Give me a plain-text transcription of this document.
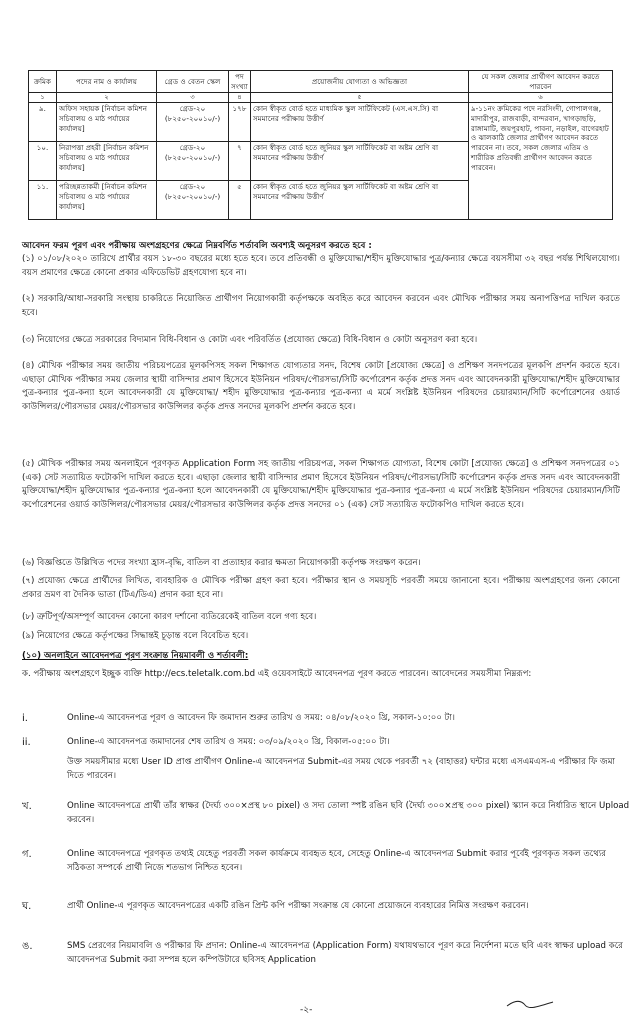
ক্রমিক	পদের নাম ও কার্যালয়	গ্রেড ও বেতন স্কেল	পদ সংখ্যা	প্রয়োজনীয় যোগ্যতা ও অভিজ্ঞতা	যে সকল জেলার প্রার্থীগণ আবেদন করতে পারবেন
১	২	৩	৪	৫	৬
৯.	অফিস সহায়ক [নির্বাচন কমিশন সচিবালয় ও মাঠ পর্যায়ের কার্যালয়]	গ্রেড-২০ (৮২৫০-২০০১০/-)	১৭৮	কোন স্বীকৃত বোর্ড হতে মাধ্যমিক স্কুল সার্টিফিকেট (এস.এস.সি) বা সমমানের পরীক্ষায় উত্তীর্ণ	৯-১১নং ক্রমিকের পদে নরসিংদী, গোপালগঞ্জ, মাদারীপুর, রাজবাড়ী, বান্দরবান, খাগড়াছড়ি, রাঙ্গামাটি, জয়পুরহাট, পাবনা, নড়াইল, বাগেরহাট ও ঝালকাঠি জেলার প্রার্থীগণ আবেদন করতে পারবেন না। তবে, সকল জেলার এতিম ও শারীরিক প্রতিবন্ধী প্রার্থীগণ আবেদন করতে পারবেন।
১০.	নিরাপত্তা প্রহরী [নির্বাচন কমিশন সচিবালয় ও মাঠ পর্যায়ের কার্যালয়]	গ্রেড-২০ (৮২৫০-২০০১০/-)	৭	কোন স্বীকৃত বোর্ড হতে জুনিয়র স্কুল সার্টিফিকেট বা অষ্টম শ্রেণি বা সমমানের পরীক্ষায় উত্তীর্ণ	
১১.	পরিচ্ছন্নতাকর্মী [নির্বাচন কমিশন সচিবালয় ও মাঠ পর্যায়ের কার্যালয়]	গ্রেড-২০ (৮২৫০-২০০১০/-)	৫	কোন স্বীকৃত বোর্ড হতে জুনিয়র স্কুল সার্টিফিকেট বা অষ্টম শ্রেণি বা সমমানের পরীক্ষায় উত্তীর্ণ	
আবেদন ফরম পূরণ এবং পরীক্ষায় অংশগ্রহণের ক্ষেত্রে নিম্নবর্ণিত শর্তাবলি অবশ্যই অনুসরণ করতে হবে :
(১) ০১/০৮/২০২০ তারিখে প্রার্থীর বয়স ১৮-৩০ বছরের মধ্যে হতে হবে। তবে প্রতিবন্ধী ও মুক্তিযোদ্ধা/শহীদ মুক্তিযোদ্ধার পুত্র/কন্যার ক্ষেত্রে বয়সসীমা ৩২ বছর পর্যন্ত শিথিলযোগ্য। বয়স প্রমাণের ক্ষেত্রে কোনো প্রকার এফিডেভিট গ্রহণযোগ্য হবে না।
(২) সরকারি/আধা-সরকারি সংস্থায় চাকরিতে নিয়োজিত প্রার্থীগণ নিয়োগকারী কর্তৃপক্ষকে অবহিত করে আবেদন করবেন এবং মৌখিক পরীক্ষার সময় অনাপত্তিপত্র দাখিল করতে হবে।
(৩) নিয়োগের ক্ষেত্রে সরকারের বিদ্যমান বিধি-বিধান ও কোটা এবং পরিবর্তিত (প্রযোজ্য ক্ষেত্রে) বিধি-বিধান ও কোটা অনুসরণ করা হবে।
(৪) মৌখিক পরীক্ষার সময় জাতীয় পরিচয়পত্রের মূলকপিসহ সকল শিক্ষাগত যোগ্যতার সনদ, বিশেষ কোটা [প্রযোজ্য ক্ষেত্রে] ও প্রশিক্ষণ সনদপত্রের মূলকপি প্রদর্শন করতে হবে। এছাড়া মৌখিক পরীক্ষার সময় জেলার স্থায়ী বাসিন্দার প্রমাণ হিসেবে ইউনিয়ন পরিষদ/পৌরসভা/সিটি কর্পোরেশন কর্তৃক প্রদত্ত সনদ এবং আবেদনকারী মুক্তিযোদ্ধা/শহীদ মুক্তিযোদ্ধার পুত্র-কন্যার পুত্র-কন্যা হলে আবেদনকারী যে মুক্তিযোদ্ধা/ শহীদ মুক্তিযোদ্ধার পুত্র-কন্যার পুত্র-কন্যা এ মর্মে সংশ্লিষ্ট ইউনিয়ন পরিষদের চেয়ারম্যান/সিটি কর্পোরেশনের ওয়ার্ড কাউন্সিলর/পৌরসভার মেয়র/পৌরসভার কাউন্সিলর কর্তৃক প্রদত্ত সনদের মূলকপি প্রদর্শন করতে হবে।
(৫) মৌখিক পরীক্ষার সময় অনলাইনে পূরণকৃত Application Form সহ জাতীয় পরিচয়পত্র, সকল শিক্ষাগত যোগ্যতা, বিশেষ কোটা [প্রযোজ্য ক্ষেত্রে] ও প্রশিক্ষণ সনদপত্রের ০১ (এক) সেট সত্যায়িত ফটোকপি দাখিল করতে হবে। এছাড়া জেলার স্থায়ী বাসিন্দার প্রমাণ হিসেবে ইউনিয়ন পরিষদ/পৌরসভা/সিটি কর্পোরেশন কর্তৃক প্রদত্ত সনদ এবং আবেদনকারী মুক্তিযোদ্ধা/শহীদ মুক্তিযোদ্ধার পুত্র-কন্যার পুত্র-কন্যা হলে আবেদনকারী যে মুক্তিযোদ্ধা/শহীদ মুক্তিযোদ্ধার পুত্র-কন্যার পুত্র-কন্যা এ মর্মে সংশ্লিষ্ট ইউনিয়ন পরিষদের চেয়ারম্যান/সিটি কর্পোরেশনের ওয়ার্ড কাউন্সিলর/পৌরসভার মেয়র/পৌরসভার কাউন্সিলর কর্তৃক প্রদত্ত সনদের ০১ (এক) সেট সত্যায়িত ফটোকপিও দাখিল করতে হবে।
(৬) বিজ্ঞপ্তিতে উল্লিখিত পদের সংখ্যা হ্রাস-বৃদ্ধি, বাতিল বা প্রত্যাহার করার ক্ষমতা নিয়োগকারী কর্তৃপক্ষ সংরক্ষণ করেন।
(৭) প্রযোজ্য ক্ষেত্রে প্রার্থীদের লিখিত, ব্যবহারিক ও মৌখিক পরীক্ষা গ্রহণ করা হবে। পরীক্ষার স্থান ও সময়সূচি পরবর্তী সময়ে জানানো হবে। পরীক্ষায় অংশগ্রহণের জন্য কোনো প্রকার ভ্রমণ বা দৈনিক ভাতা (টিএ/ডিএ) প্রদান করা হবে না।
(৮) ত্রুটিপূর্ণ/অসম্পূর্ণ আবেদন কোনো কারণ দর্শানো ব্যতিরেকেই বাতিল বলে গণ্য হবে।
(৯) নিয়োগের ক্ষেত্রে কর্তৃপক্ষের সিদ্ধান্তই চূড়ান্ত বলে বিবেচিত হবে।
(১০) অনলাইনে আবেদনপত্র পূরণ সংক্রান্ত নিয়মাবলী ও শর্তাবলী:
ক. পরীক্ষায় অংশগ্রহণে ইচ্ছুক ব্যক্তি http://ecs.teletalk.com.bd এই ওয়েবসাইটে আবেদনপত্র পূরণ করতে পারবেন। আবেদনের সময়সীমা নিম্নরূপ:
i.	Online-এ আবেদনপত্র পূরণ ও আবেদন ফি জমাদান শুরুর তারিখ ও সময়: ০৪/০৮/২০২০ খ্রি, সকাল-১০:০০ টা।
ii.	Online-এ আবেদনপত্র জমাদানের শেষ তারিখ ও সময়: ০৩/০৯/২০২০ খ্রি, বিকাল-০৫:০০ টা।
উক্ত সময়সীমার মধ্যে User ID প্রাপ্ত প্রার্থীগণ Online-এ আবেদনপত্র Submit-এর সময় থেকে পরবর্তী ৭২ (বাহাত্তর) ঘন্টার মধ্যে এসএমএস-এ পরীক্ষার ফি জমা দিতে পারবেন।
খ.	Online আবেদনপত্রে প্রার্থী তাঁর স্বাক্ষর (দৈর্ঘ্য ৩০০×প্রস্থ ৮০ pixel) ও সদ্য তোলা স্পষ্ট রঙিন ছবি (দৈর্ঘ্য ৩০০×প্রস্থ ৩০০ pixel) স্ক্যান করে নির্ধারিত স্থানে Upload করবেন।
গ.	Online আবেদনপত্রে পূরণকৃত তথ্যই যেহেতু পরবর্তী সকল কার্যক্রমে ব্যবহৃত হবে, সেহেতু Online-এ আবেদনপত্র Submit করার পূর্বেই পূরণকৃত সকল তথ্যের সঠিকতা সম্পর্কে প্রার্থী নিজে শতভাগ নিশ্চিত হবেন।
ঘ.	প্রার্থী Online-এ পূরণকৃত আবেদনপত্রের একটি রঙিন প্রিন্ট কপি পরীক্ষা সংক্রান্ত যে কোনো প্রয়োজনে ব্যবহারের নিমিত্ত সংরক্ষণ করবেন।
ঙ.	SMS প্রেরণের নিয়মাবলি ও পরীক্ষার ফি প্রদান: Online-এ আবেদনপত্র (Application Form) যথাযথভাবে পূরণ করে নির্দেশনা মতে ছবি এবং স্বাক্ষর upload করে আবেদনপত্র Submit করা সম্পন্ন হলে কম্পিউটারে ছবিসহ Application
-২-
